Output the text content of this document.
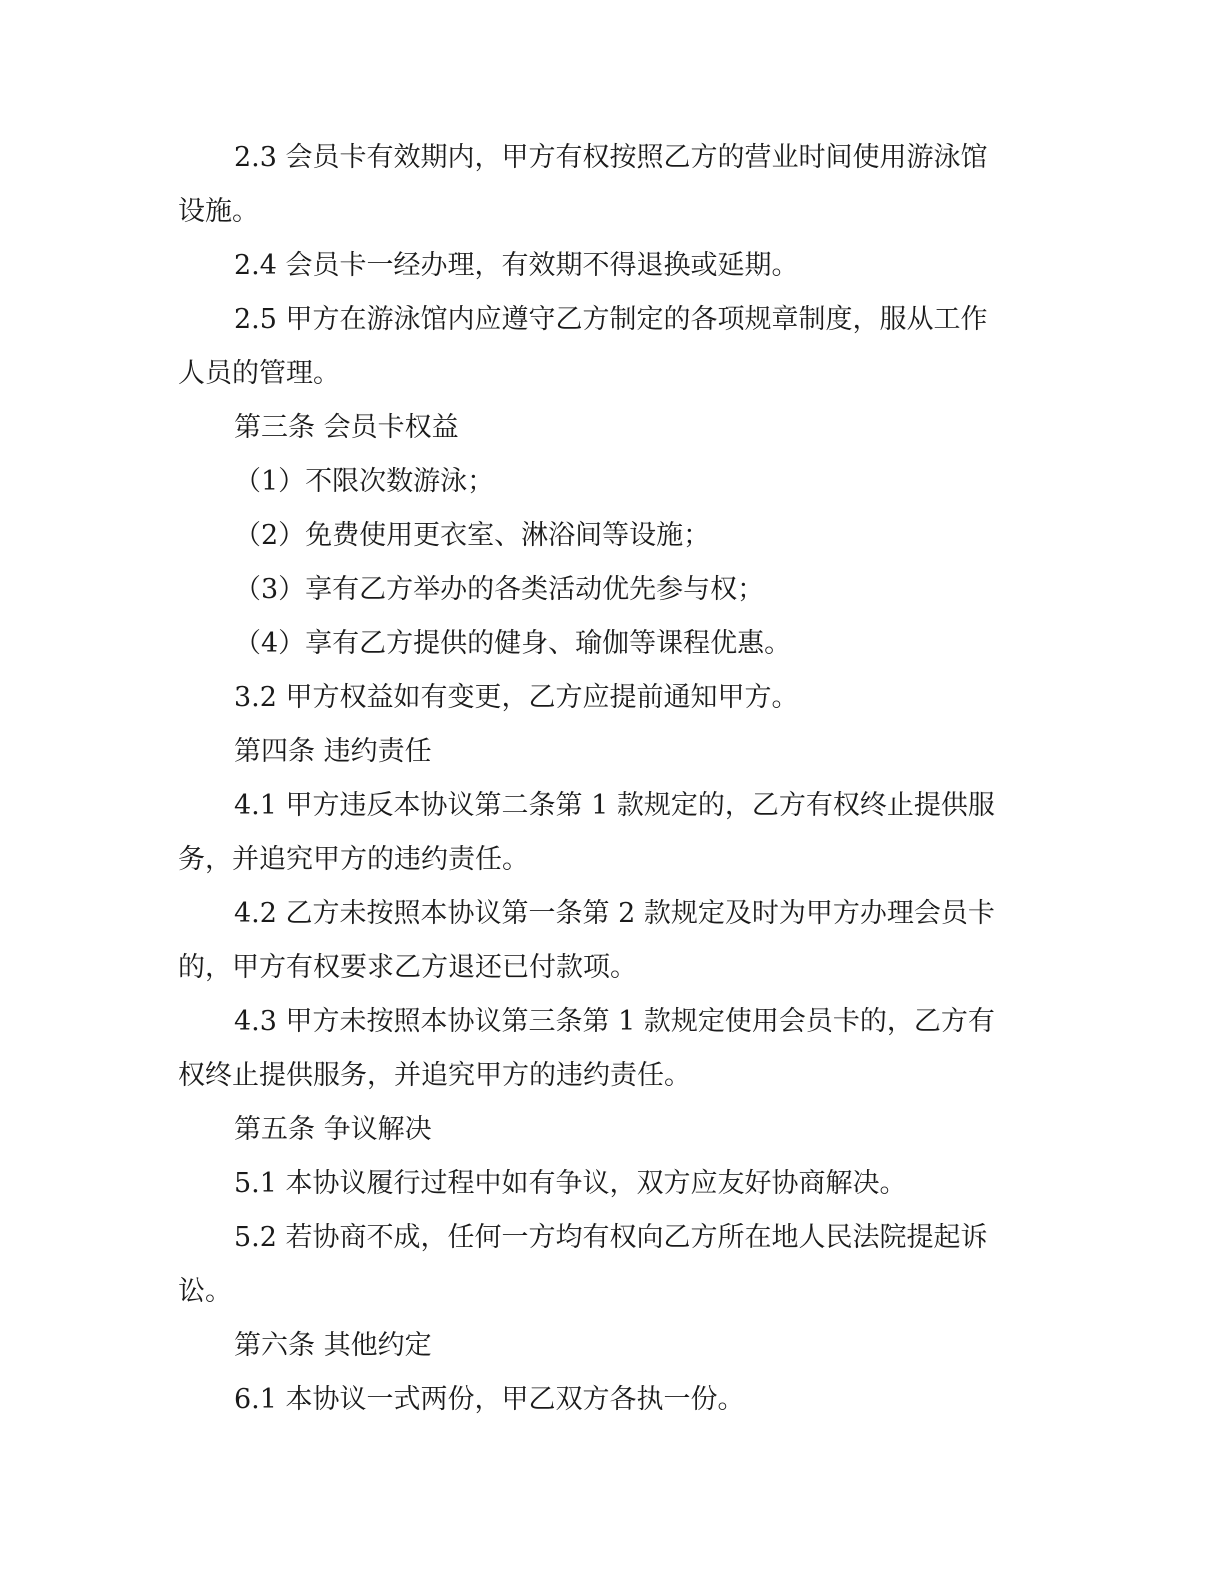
2.3 会员卡有效期内，甲方有权按照乙方的营业时间使用游泳馆设施。

2.4 会员卡一经办理，有效期不得退换或延期。

2.5 甲方在游泳馆内应遵守乙方制定的各项规章制度，服从工作人员的管理。

第三条 会员卡权益

（1）不限次数游泳；

（2）免费使用更衣室、淋浴间等设施；

（3）享有乙方举办的各类活动优先参与权；

（4）享有乙方提供的健身、瑜伽等课程优惠。

3.2 甲方权益如有变更，乙方应提前通知甲方。

第四条 违约责任

4.1 甲方违反本协议第二条第 1 款规定的，乙方有权终止提供服务，并追究甲方的违约责任。

4.2 乙方未按照本协议第一条第 2 款规定及时为甲方办理会员卡的，甲方有权要求乙方退还已付款项。

4.3 甲方未按照本协议第三条第 1 款规定使用会员卡的，乙方有权终止提供服务，并追究甲方的违约责任。

第五条 争议解决

5.1 本协议履行过程中如有争议，双方应友好协商解决。

5.2 若协商不成，任何一方均有权向乙方所在地人民法院提起诉讼。

第六条 其他约定

6.1 本协议一式两份，甲乙双方各执一份。
